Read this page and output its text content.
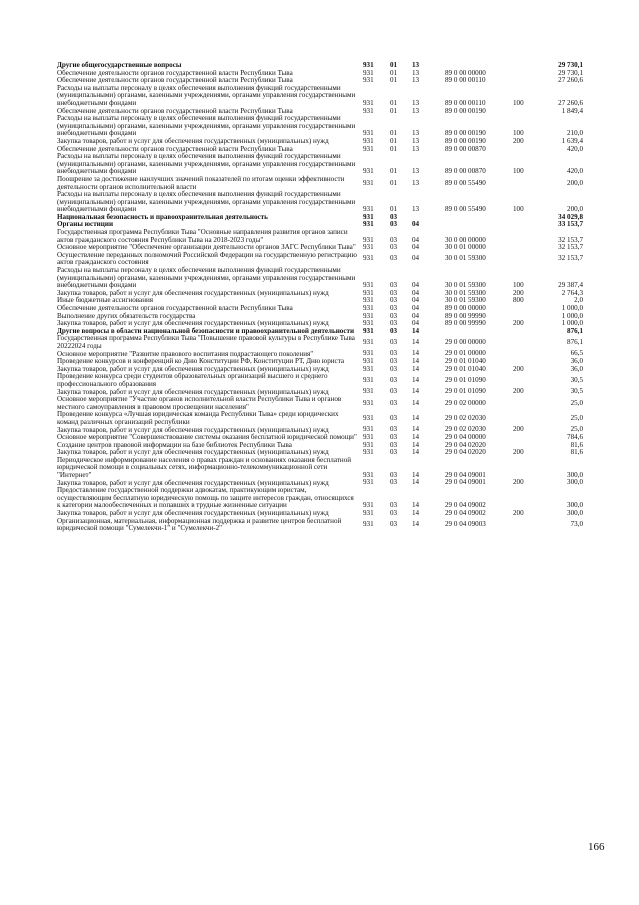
Другие общегосударственные вопросы	931 01 13	29 730,1
Обеспечение деятельности органов государственной власти Республики Тыва	931 01 13	89 0 00 00000	29 730,1
Обеспечение деятельности органов государственной власти Республики Тыва	931 01 13	89 0 00 00110	27 260,6
Расходы на выплаты персоналу в целях обеспечения выполнения функций государственными (муниципальными) органами, казенными учреждениями, органами управления государственными внебюджетными фондами	931 01 13	89 0 00 00110	100	27 260,6
Обеспечение деятельности органов государственной власти Республики Тыва	931 01 13	89 0 00 00190	1 849,4
Расходы на выплаты персоналу в целях обеспечения выполнения функций государственными (муниципальными) органами, казенными учреждениями, органами управления государственными внебюджетными фондами	931 01 13	89 0 00 00190	100	210,0
Закупка товаров, работ и услуг для обеспечения государственных (муниципальных) нужд	931 01 13	89 0 00 00190	200	1 639,4
Обеспечение деятельности органов государственной власти Республики Тыва	931 01 13	89 0 00 00870	420,0
Расходы на выплаты персоналу в целях обеспечения выполнения функций государственными (муниципальными) органами, казенными учреждениями, органами управления государственными внебюджетными фондами	931 01 13	89 0 00 00870	100	420,0
Поощрение за достижение наилучших значений показателей по итогам оценки эффективности деятельности органов исполнительной власти	931 01 13	89 0 00 55490	200,0
Расходы на выплаты персоналу в целях обеспечения выполнения функций государственными (муниципальными) органами, казенными учреждениями, органами управления государственными внебюджетными фондами	931 01 13	89 0 00 55490	100	200,0
Национальная безопасность и правоохранительная деятельность	931 03	34 029,8
Органы юстиции	931 03 04	33 153,7
Государственная программа Республики Тыва "Основные направления развития органов записи актов гражданского состояния Республики Тыва на 2018-2023 годы"	931 03 04	30 0 00 00000	32 153,7
Основное мероприятие "Обеспечение организации деятельности органов ЗАГС Республики Тыва" 931 03 04	30 0 01 00000	32 153,7
Осуществление переданных полномочий Российской Федерации на государственную регистрацию актов гражданского состояния	931 03 04	30 0 01 59300	32 153,7
Расходы на выплаты персоналу в целях обеспечения выполнения функций государственными (муниципальными) органами, казенными учреждениями, органами управления государственными внебюджетными фондами	931 03 04	30 0 01 59300	100	29 387,4
Закупка товаров, работ и услуг для обеспечения государственных (муниципальных) нужд	931 03 04	30 0 01 59300	200	2 764,3
Иные бюджетные ассигнования	931 03 04	30 0 01 59300	800	2,0
Обеспечение деятельности органов государственной власти Республики Тыва	931 03 04	89 0 00 00000	1 000,0
Выполнение других обязательств государства	931 03 04	89 0 00 99990	1 000,0
Закупка товаров, работ и услуг для обеспечения государственных (муниципальных) нужд	931 03 04	89 0 00 99990	200	1 000,0
Другие вопросы в области национальной безопасности и правоохранительной деятельности	931 03 14	876,1
Государственная программа Республики Тыва "Повышение правовой культуры в Республике Тыва 20222024 годы	931 03 14	29 0 00 00000	876,1
Основное мероприятие "Развитие правового воспитания подрастающего поколения"	931 03 14	29 0 01 00000	66,5
Проведение конкурсов и конференций ко Дню Конституции РФ, Конституции РТ, Дню юриста	931 03 14	29 0 01 01040	36,0
Закупка товаров, работ и услуг для обеспечения государственных (муниципальных) нужд	931 03 14	29 0 01 01040	200	36,0
Проведение конкурса среди студентов образовательных организаций высшего и среднего профессионального образования	931 03 14	29 0 01 01090	30,5
Закупка товаров, работ и услуг для обеспечения государственных (муниципальных) нужд	931 03 14	29 0 01 01090	200	30,5
Основное мероприятие "Участие органов исполнительной власти Республики Тыва и органов местного самоуправления в правовом просвещении населения"	931 03 14	29 0 02 00000	25,0
Проведение конкурса «Лучшая юридическая команда Республики Тыва» среди юридических команд различных организаций республики	931 03 14	29 0 02 02030	25,0
Закупка товаров, работ и услуг для обеспечения государственных (муниципальных) нужд	931 03 14	29 0 02 02030	200	25,0
Основное мероприятие "Совершенствование системы оказания бесплатной юридической помощи" 931 03 14	29 0 04 00000	784,6
Создание центров правовой информации на базе библиотек Республики Тыва	931 03 14	29 0 04 02020	81,6
Закупка товаров, работ и услуг для обеспечения государственных (муниципальных) нужд	931 03 14	29 0 04 02020	200	81,6
Периодическое информирование населения о правах граждан и основаниях оказания бесплатной юридической помощи в социальных сетях, информационно-телекоммуникационной сети "Интернет"	931 03 14	29 0 04 09001	300,0
Закупка товаров, работ и услуг для обеспечения государственных (муниципальных) нужд	931 03 14	29 0 04 09001	200	300,0
Предоставление государственной поддержки адвокатам, практикующим юристам, осуществляющим бесплатную юридическую помощь по защите интересов граждан, относящихся к категории малообеспеченных и попавших в трудные жизненные ситуации	931 03 14	29 0 04 09002	300,0
Закупка товаров, работ и услуг для обеспечения государственных (муниципальных) нужд	931 03 14	29 0 04 09002	200	300,0
Организационная, материальная, информационная поддержка и развитие центров бесплатной юридической помощи "Сумелекчи-1" и "Сумелекчи-2"	931 03 14	29 0 04 09003	73,0
166
